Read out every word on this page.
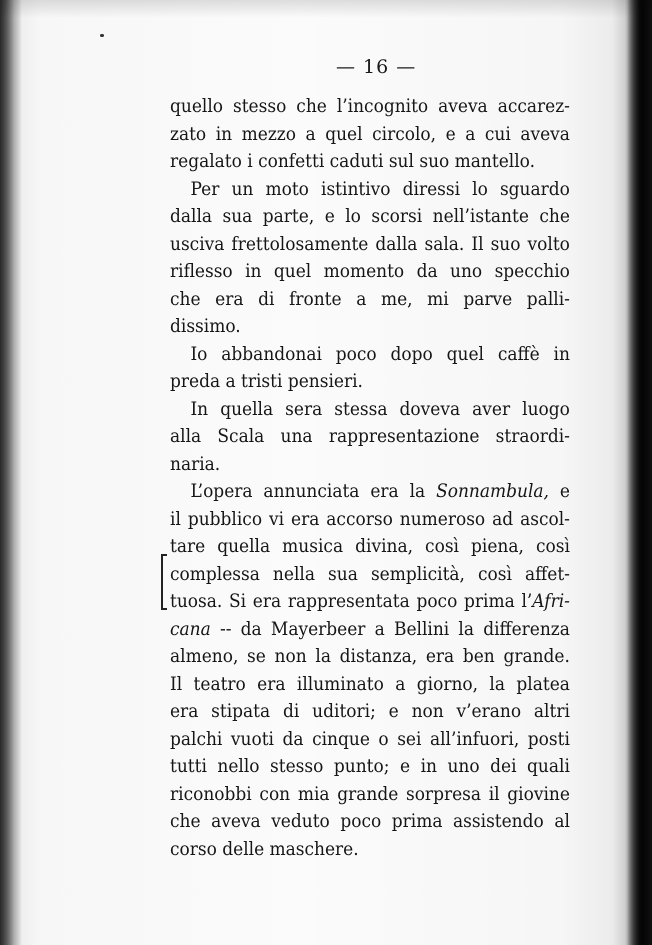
— 16 —
quello stesso che l’incognito aveva accarez-
zato in mezzo a quel circolo, e a cui aveva
regalato i confetti caduti sul suo mantello.
Per un moto istintivo diressi lo sguardo
dalla sua parte, e lo scorsi nell’istante che
usciva frettolosamente dalla sala. Il suo volto
riflesso in quel momento da uno specchio
che era di fronte a me, mi parve palli-
dissimo.
Io abbandonai poco dopo quel caffè in
preda a tristi pensieri.
In quella sera stessa doveva aver luogo
alla Scala una rappresentazione straordi-
naria.
L’opera annunciata era la Sonnambula, e
il pubblico vi era accorso numeroso ad ascol-
tare quella musica divina, così piena, così
complessa nella sua semplicità, così affet-
tuosa. Si era rappresentata poco prima l’Afri-
cana -- da Mayerbeer a Bellini la differenza
almeno, se non la distanza, era ben grande.
Il teatro era illuminato a giorno, la platea
era stipata di uditori; e non v’erano altri
palchi vuoti da cinque o sei all’infuori, posti
tutti nello stesso punto; e in uno dei quali
riconobbi con mia grande sorpresa il giovine
che aveva veduto poco prima assistendo al
corso delle maschere.
